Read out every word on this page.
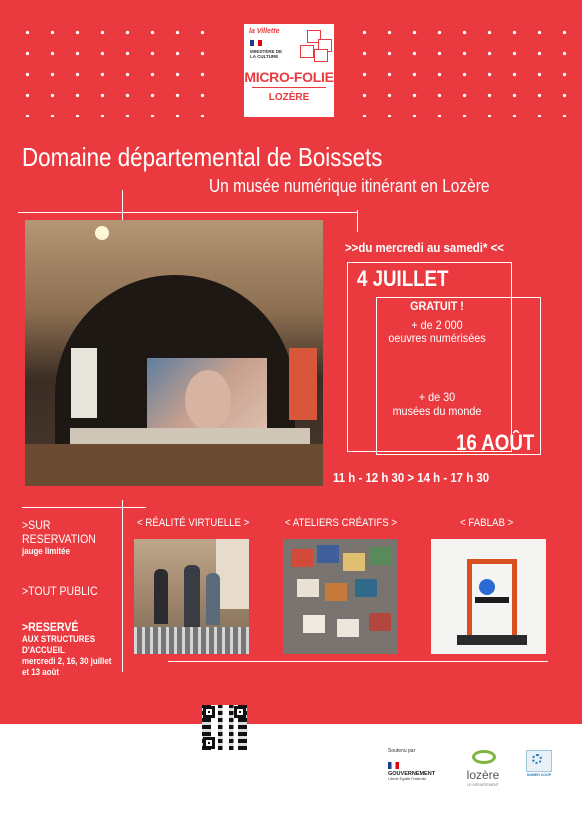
la Villette
MINISTÈRE DE LA CULTURE
MICRO-FOLIE
LOZÈRE
Domaine départemental de Boissets
Un musée numérique itinérant en Lozère
>>du mercredi au samedi* <<
4 JUILLET
GRATUIT !
+ de 2 000
oeuvres numérisées
+ de 30
musées du monde
16 AOÛT
11 h - 12 h 30 > 14 h - 17 h 30
>SUR
RESERVATION
jauge limitée
>TOUT PUBLIC
>RESERVÉ
AUX STRUCTURES
D'ACCUEIL
mercredi 2, 16, 30 juillet
et 13 août
< RÉALITÉ VIRTUELLE >	< ATELIERS CRÉATIFS >	< FABLAB >
Soutenu par
GOUVERNEMENT
Liberté Égalité Fraternité	lozère
LE DÉPARTEMENT
NUMEN COOP
